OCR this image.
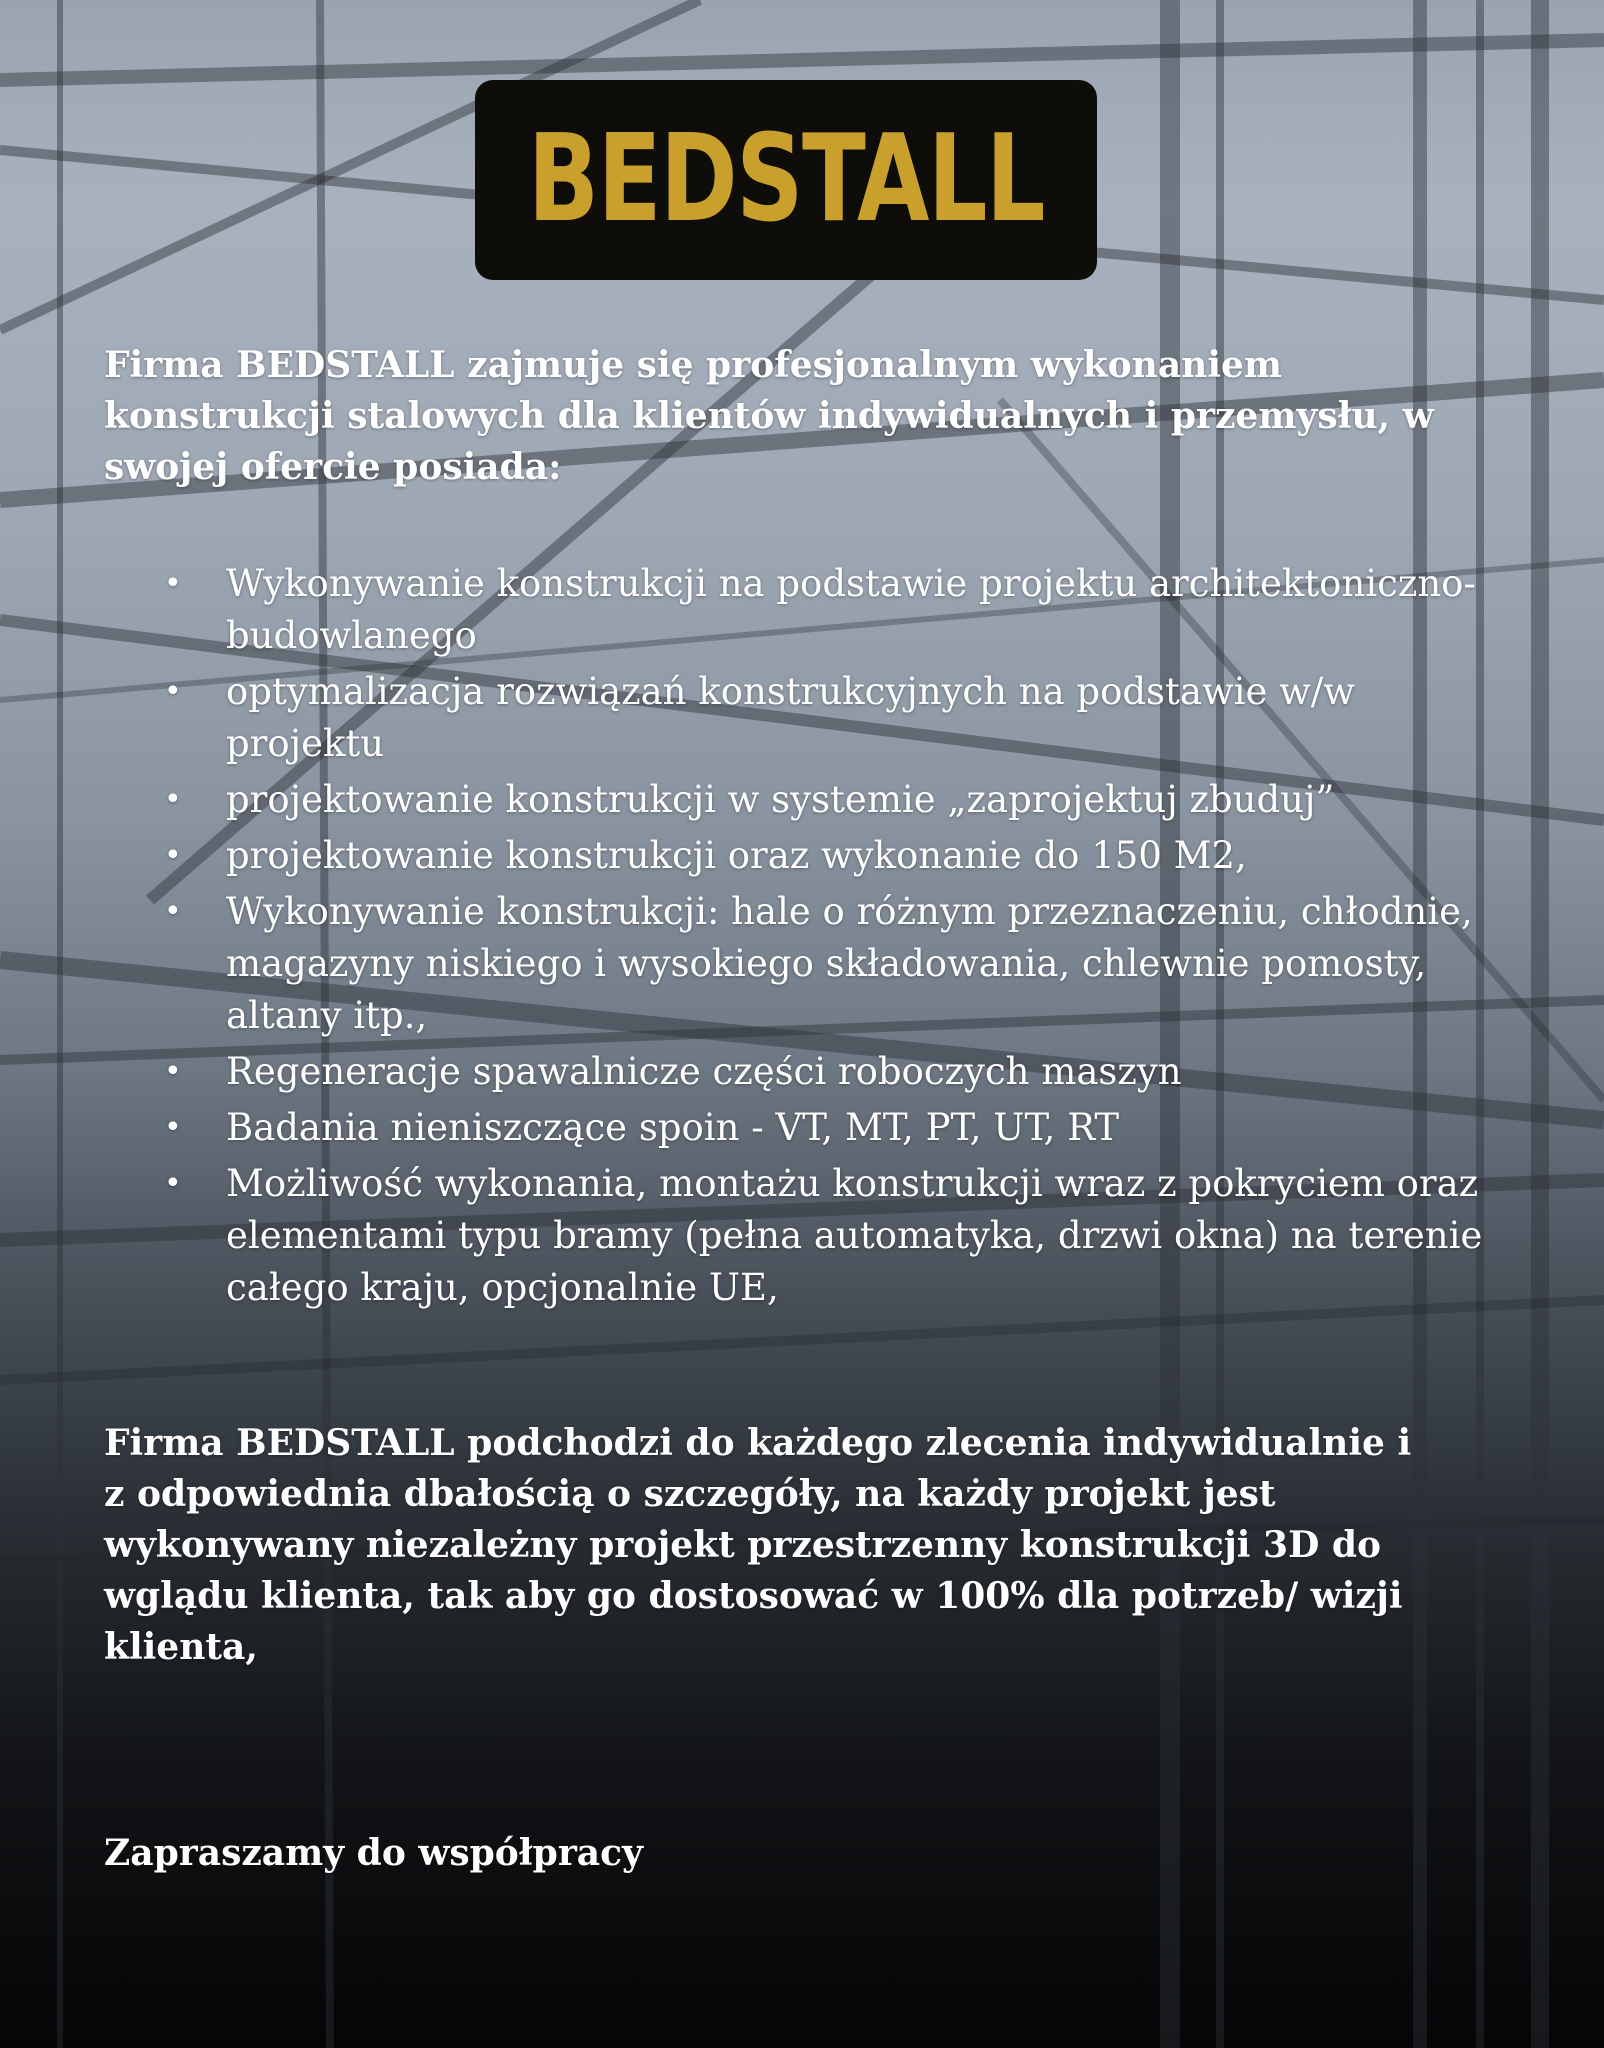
BEDSTALL

Firma BEDSTALL zajmuje się profesjonalnym wykonaniem konstrukcji stalowych dla klientów indywidualnych i przemysłu, w swojej ofercie posiada:

• Wykonywanie konstrukcji na podstawie projektu architektoniczno-budowlanego
• optymalizacja rozwiązań konstrukcyjnych na podstawie w/w projektu
• projektowanie konstrukcji w systemie „zaprojektuj zbuduj”
• projektowanie konstrukcji oraz wykonanie do 150 M2,
• Wykonywanie konstrukcji: hale o różnym przeznaczeniu, chłodnie, magazyny niskiego i wysokiego składowania, chlewnie pomosty, altany itp.,
• Regeneracje spawalnicze części roboczych maszyn
• Badania nieniszczące spoin - VT, MT, PT, UT, RT
• Możliwość wykonania, montażu konstrukcji wraz z pokryciem oraz elementami typu bramy (pełna automatyka, drzwi okna) na terenie całego kraju, opcjonalnie UE,

Firma BEDSTALL podchodzi do każdego zlecenia indywidualnie i z odpowiednia dbałością o szczegóły, na każdy projekt jest wykonywany niezależny projekt przestrzenny konstrukcji 3D do wglądu klienta, tak aby go dostosować w 100% dla potrzeb/ wizji klienta,

Zapraszamy do współpracy
